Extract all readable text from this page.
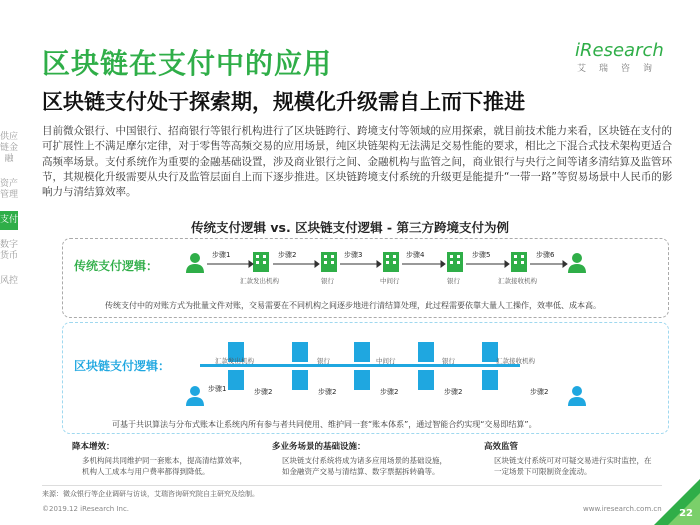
区块链在支付中的应用
区块链支付处于探索期，规模化升级需自上而下推进
iResearch
艾瑞咨询
供应链金融
资产管理
支付
数字货币
风控
目前微众银行、中国银行、招商银行等银行机构进行了区块链跨行、跨境支付等领域的应用探索，就目前技术能力来看，区块链在支付的可扩展性上不满足摩尔定律，对于零售等高频交易的应用场景，纯区块链架构无法满足交易性能的要求，相比之下混合式技术架构更适合高频率场景。支付系统作为重要的金融基础设置，涉及商业银行之间、金融机构与监管之间，商业银行与央行之间等诸多清结算及监管环节，其规模化升级需要从央行及监管层面自上而下逐步推进。区块链跨境支付系统的升级更是能提升“一带一路”等贸易场景中人民币的影响力与清结算效率。
传统支付逻辑 vs. 区块链支付逻辑 - 第三方跨境支付为例
传统支付逻辑：
步骤1	步骤2	步骤3	步骤4	步骤5	步骤6
汇款发出机构	银行	中间行	银行	汇款接收机构
传统支付中的对账方式为批量文件对账，交易需要在不同机构之间逐步地进行清结算处理，此过程需要依靠大量人工操作，效率低、成本高。
区块链支付逻辑：	汇款发出机构	银行	中间行	银行	汇款接收机构
步骤1	步骤2	步骤2	步骤2	步骤2	步骤2
可基于共识算法与分布式账本让系统内所有参与者共同使用、维护同一套“账本体系”，通过智能合约实现“交易即结算”。
降本增效：
多机构间共同维护同一套账本，提高清结算效率，机构人工成本与用户费率都得到降低。
多业务场景的基础设施：
区块链支付系统将成为诸多应用场景的基础设施，如金融资产交易与清结算、数字票据拆转确等。
高效监管
区块链支付系统可对可疑交易进行实时监控，在一定场景下可限制资金流动。
来源：微众银行等企业调研与访谈，艾瑞咨询研究院自主研究及绘制。
©2019.12 iResearch Inc.	www.iresearch.com.cn 22
